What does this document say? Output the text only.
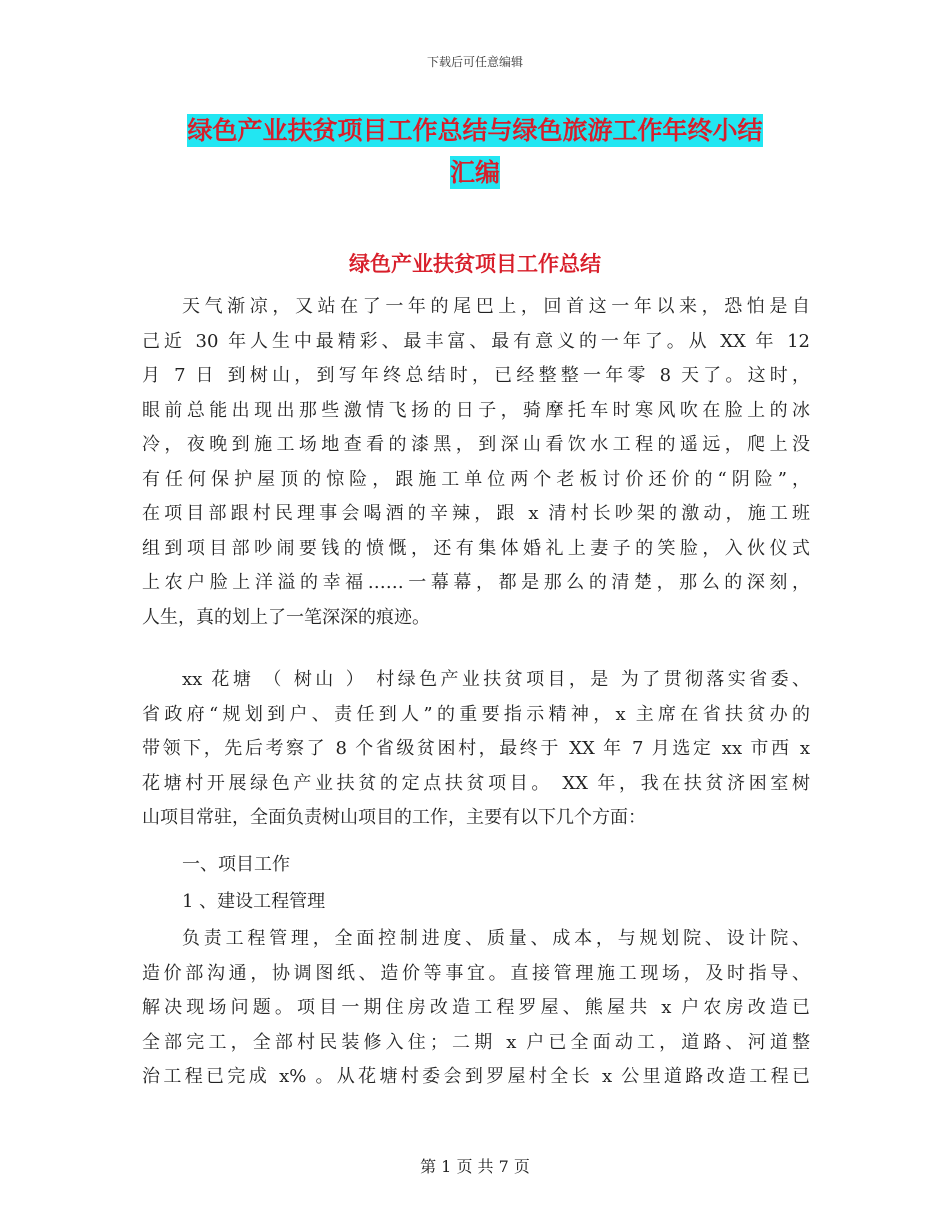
下载后可任意编辑
绿色产业扶贫项目工作总结与绿色旅游工作年终小结
汇编
绿色产业扶贫项目工作总结

天气渐凉，又站在了一年的尾巴上，回首这一年以来，恐怕是自
己近 30 年人生中最精彩、最丰富、最有意义的一年了。从 XX 年 12
月 7 日 到树山，到写年终总结时，已经整整一年零 8 天了。这时，
眼前总能出现出那些激情飞扬的日子，骑摩托车时寒风吹在脸上的冰
冷，夜晚到施工场地查看的漆黑，到深山看饮水工程的遥远，爬上没
有任何保护屋顶的惊险，跟施工单位两个老板讨价还价的“阴险”，
在项目部跟村民理事会喝酒的辛辣，跟 x 清村长吵架的激动，施工班
组到项目部吵闹要钱的愤慨，还有集体婚礼上妻子的笑脸，入伙仪式
上农户脸上洋溢的幸福……一幕幕，都是那么的清楚，那么的深刻，
人生，真的划上了一笔深深的痕迹。

xx 花塘 （ 树山 ） 村绿色产业扶贫项目，是 为了贯彻落实省委、
省政府“规划到户、责任到人”的重要指示精神，x 主席在省扶贫办的
带领下，先后考察了 8 个省级贫困村，最终于 XX 年 7 月选定 xx 市西 x
花塘村开展绿色产业扶贫的定点扶贫项目。 XX 年，我在扶贫济困室树
山项目常驻，全面负责树山项目的工作，主要有以下几个方面：

一、项目工作

1 、建设工程管理

负责工程管理，全面控制进度、质量、成本，与规划院、设计院、
造价部沟通，协调图纸、造价等事宜。直接管理施工现场，及时指导、
解决现场问题。项目一期住房改造工程罗屋、熊屋共 x 户农房改造已
全部完工，全部村民装修入住；二期 x 户已全面动工，道路、河道整
治工程已完成 x% 。从花塘村委会到罗屋村全长 x 公里道路改造工程已

第 1 页 共 7 页
